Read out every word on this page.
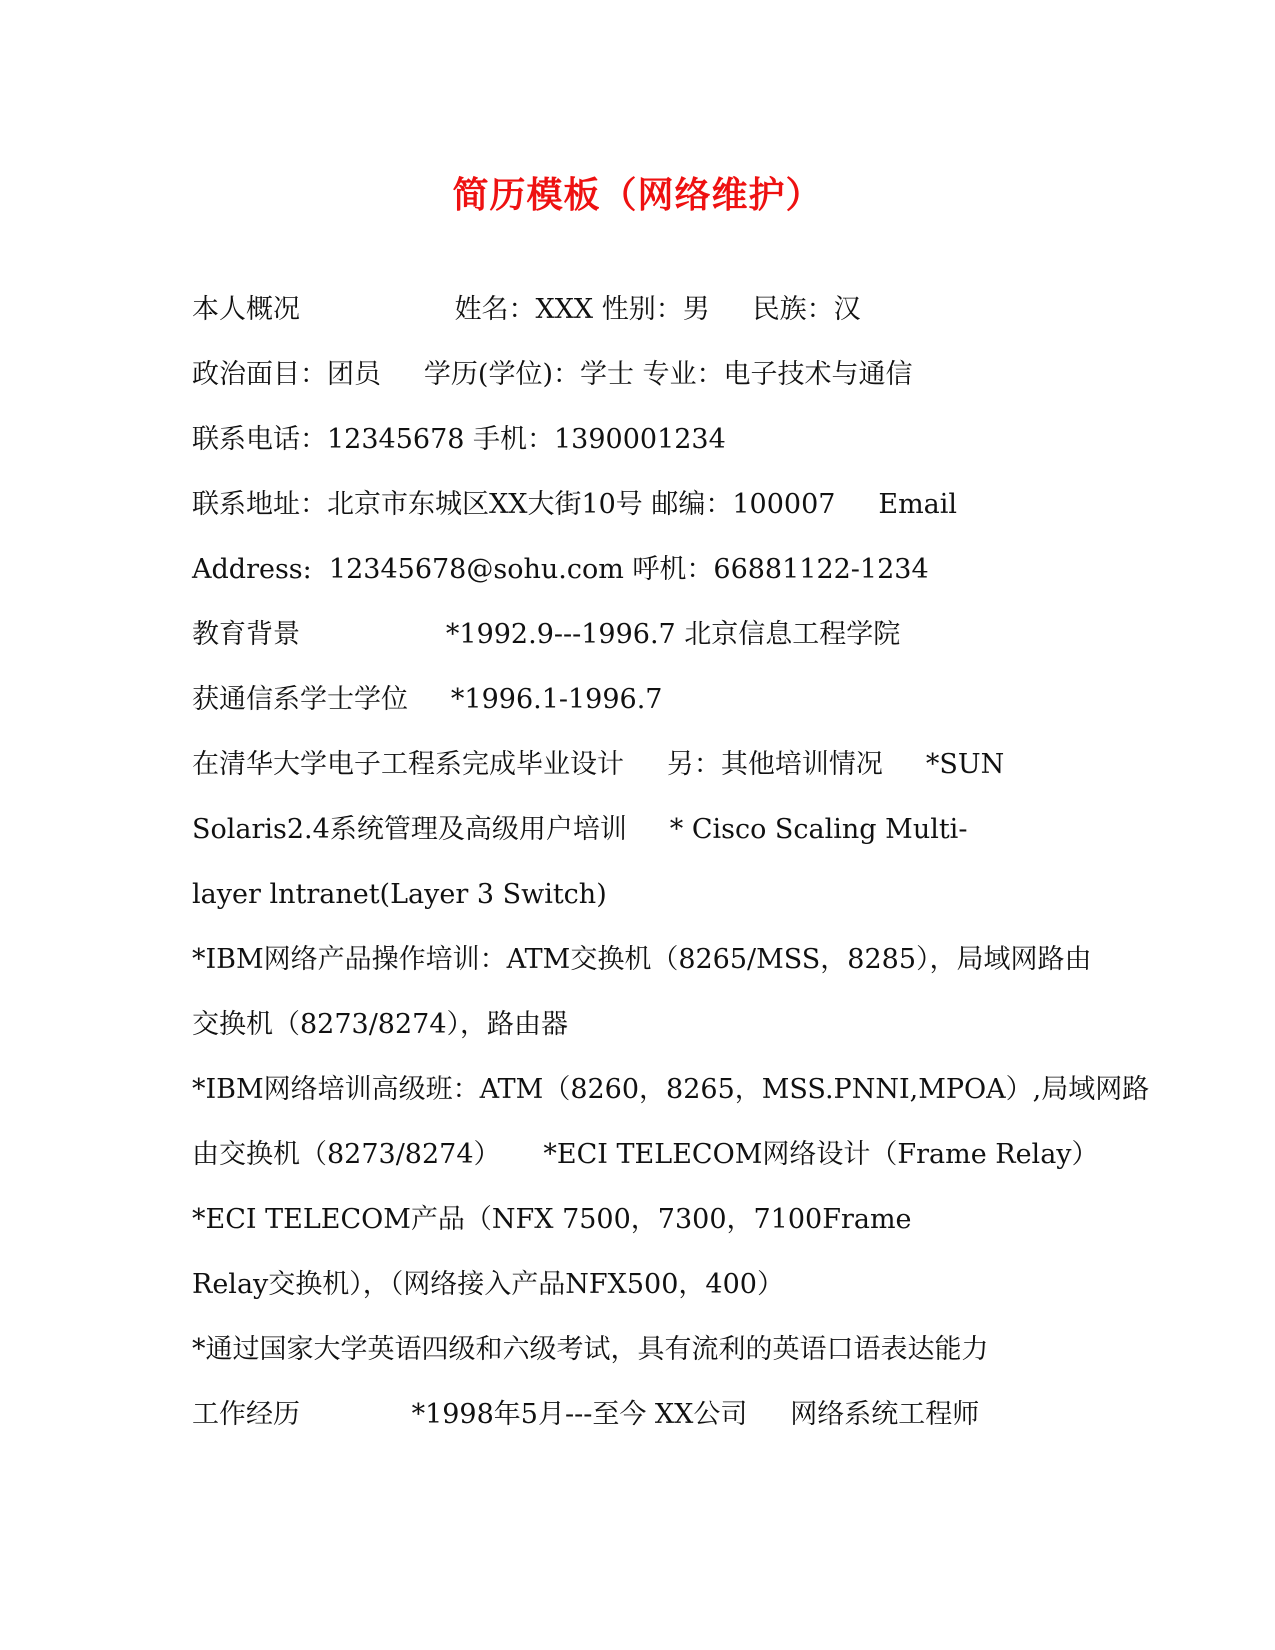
简历模板（网络维护）
本人概况                  姓名：XXX 性别：男     民族：汉
政治面目：团员     学历(学位)：学士 专业：电子技术与通信
联系电话：12345678 手机：1390001234
联系地址：北京市东城区XX大街10号 邮编：100007     Email
Address:  12345678@sohu.com 呼机：66881122-1234
教育背景                 *1992.9---1996.7 北京信息工程学院
获通信系学士学位     *1996.1-1996.7
在清华大学电子工程系完成毕业设计     另：其他培训情况     *SUN
Solaris2.4系统管理及高级用户培训     * Cisco Scaling Multi-
layer lntranet(Layer 3 Switch)
*IBM网络产品操作培训：ATM交换机（8265/MSS，8285），局域网路由
交换机（8273/8274），路由器
*IBM网络培训高级班：ATM（8260，8265，MSS.PNNI,MPOA）,局域网路
由交换机（8273/8274）     *ECI TELECOM网络设计（Frame Relay）
*ECI TELECOM产品（NFX 7500，7300，7100Frame
Relay交换机），（网络接入产品NFX500，400）
*通过国家大学英语四级和六级考试，具有流利的英语口语表达能力
工作经历             *1998年5月---至今 XX公司     网络系统工程师
